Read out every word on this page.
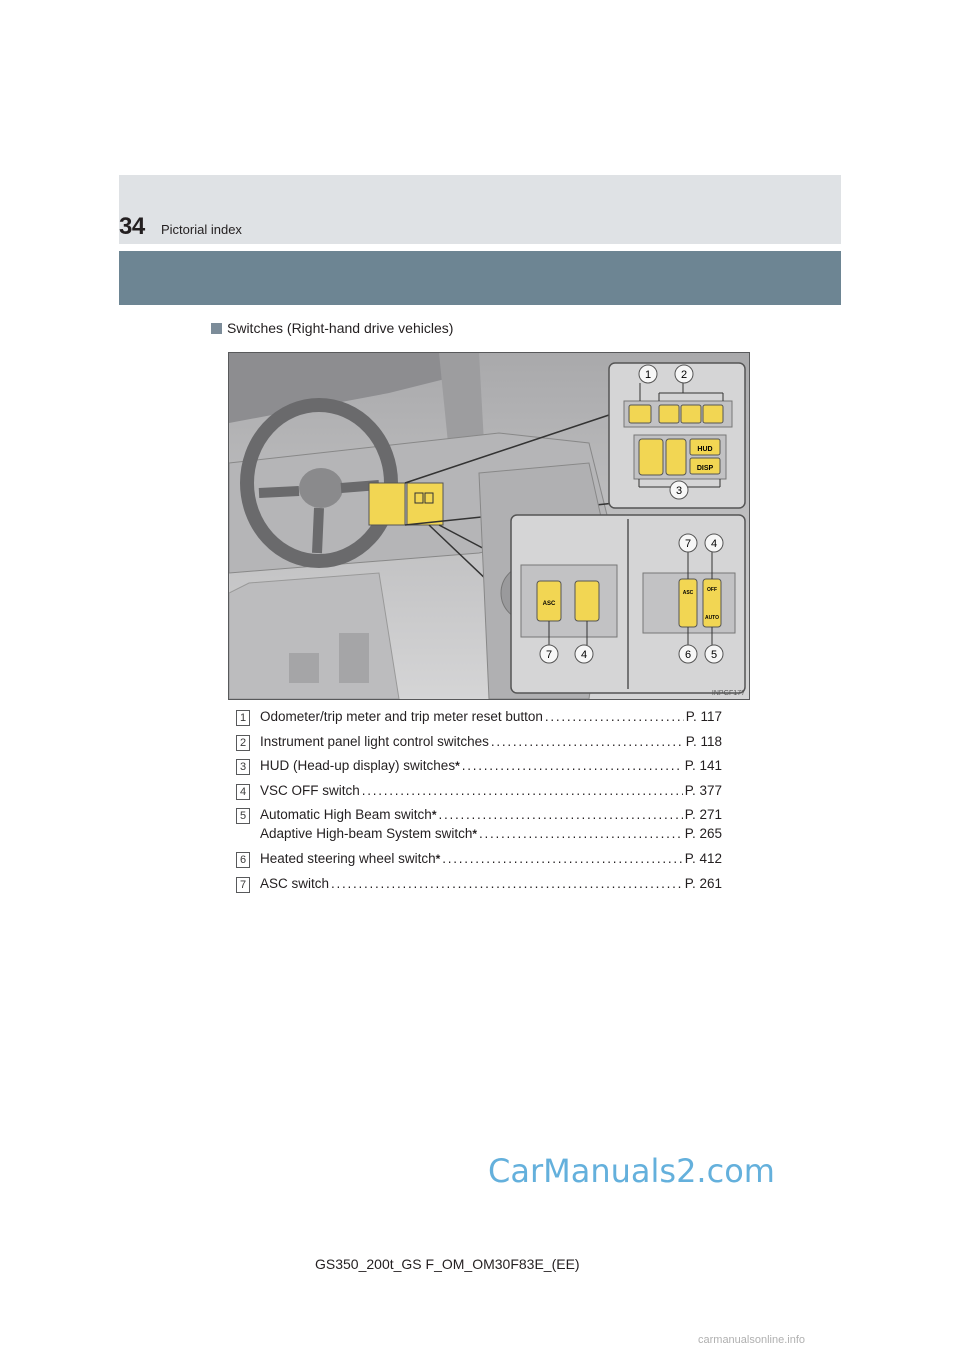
34 Pictorial index
Switches (Right-hand drive vehicles)
HUD
DISP
1	2
3
ASC
7	4
ASC	OFF
AUTO
7 4
6 5
INPGF177
1 Odometer/trip meter and trip meter reset button . . .	P. 117
2 Instrument panel light control switches . . .	P. 118
3 HUD (Head-up display) switches * . . .	P. 141
4 VSC OFF switch . . .	P. 377
5 Automatic High Beam switch * . . .	P. 271
Adaptive High-beam System switch * . . .	P. 265
6 Heated steering wheel switch * . . .	P. 412
7 ASC switch . . .	P. 261
CarManuals2.com
GS350_200t_GS F_OM_OM30F83E_(EE)
carmanualsonline.info
